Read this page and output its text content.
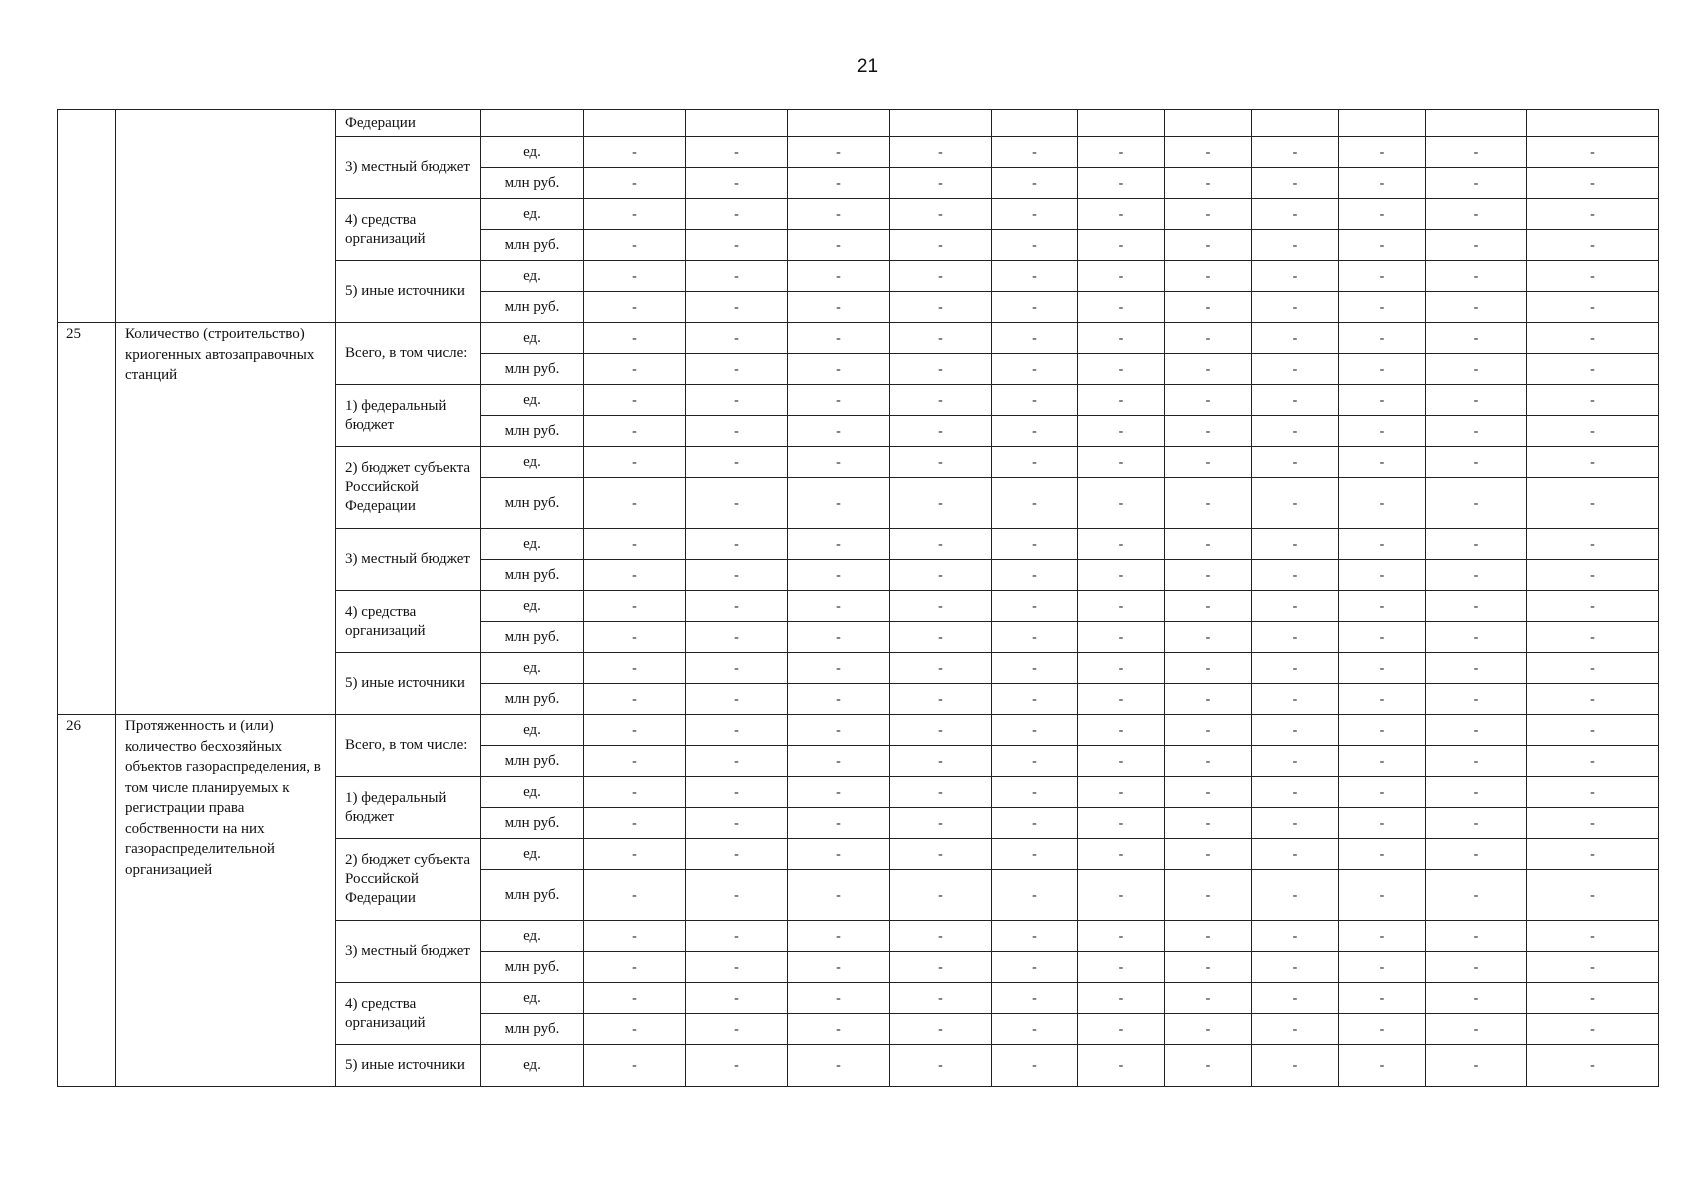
21
		Федерации												
		3) местный бюджет	ед.	-	-	-	-	-	-	-	-	-	-	-
			млн руб.	-	-	-	-	-	-	-	-	-	-	-
		4) средства организаций	ед.	-	-	-	-	-	-	-	-	-	-	-
			млн руб.	-	-	-	-	-	-	-	-	-	-	-
		5) иные источники	ед.	-	-	-	-	-	-	-	-	-	-	-
			млн руб.	-	-	-	-	-	-	-	-	-	-	-
25	Количество (строительство) криогенных автозаправочных станций	Всего, в том числе:	ед.	-	-	-	-	-	-	-	-	-	-	-
			млн руб.	-	-	-	-	-	-	-	-	-	-	-
		1) федеральный бюджет	ед.	-	-	-	-	-	-	-	-	-	-	-
			млн руб.	-	-	-	-	-	-	-	-	-	-	-
		2) бюджет субъекта Российской Федерации	ед.	-	-	-	-	-	-	-	-	-	-	-
			млн руб.	-	-	-	-	-	-	-	-	-	-	-
		3) местный бюджет	ед.	-	-	-	-	-	-	-	-	-	-	-
			млн руб.	-	-	-	-	-	-	-	-	-	-	-
		4) средства организаций	ед.	-	-	-	-	-	-	-	-	-	-	-
			млн руб.	-	-	-	-	-	-	-	-	-	-	-
		5) иные источники	ед.	-	-	-	-	-	-	-	-	-	-	-
			млн руб.	-	-	-	-	-	-	-	-	-	-	-
26	Протяженность и (или) количество бесхозяйных объектов газораспределения, в том числе планируемых к регистрации права собственности на них газораспределительной организацией	Всего, в том числе:	ед.	-	-	-	-	-	-	-	-	-	-	-
			млн руб.	-	-	-	-	-	-	-	-	-	-	-
		1) федеральный бюджет	ед.	-	-	-	-	-	-	-	-	-	-	-
			млн руб.	-	-	-	-	-	-	-	-	-	-	-
		2) бюджет субъекта Российской Федерации	ед.	-	-	-	-	-	-	-	-	-	-	-
			млн руб.	-	-	-	-	-	-	-	-	-	-	-
		3) местный бюджет	ед.	-	-	-	-	-	-	-	-	-	-	-
			млн руб.	-	-	-	-	-	-	-	-	-	-	-
		4) средства организаций	ед.	-	-	-	-	-	-	-	-	-	-	-
			млн руб.	-	-	-	-	-	-	-	-	-	-	-
		5) иные источники	ед.	-	-	-	-	-	-	-	-	-	-	-
